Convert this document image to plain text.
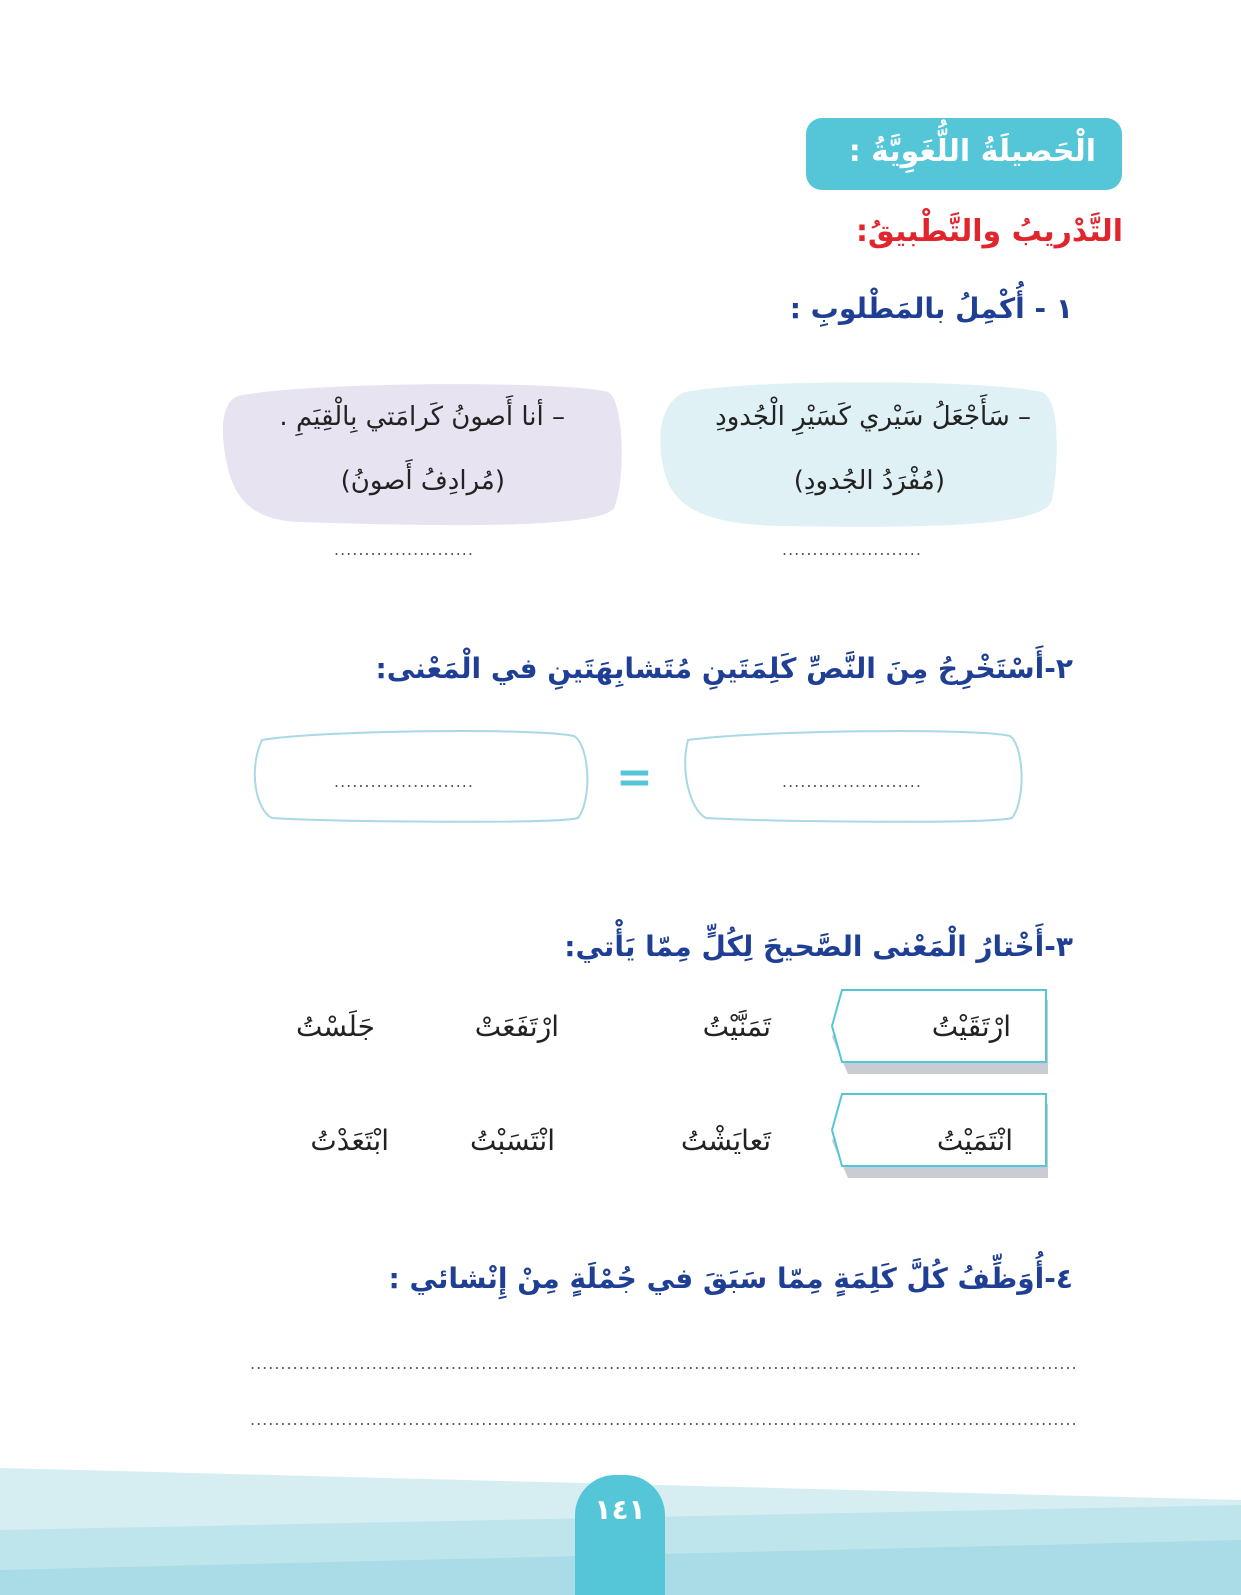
الْحَصيلَةُ اللُّغَوِيَّةُ :
التَّدْريبُ والتَّطْبيقُ:
١ - أُكْمِلُ بالمَطْلوبِ :
– سَأَجْعَلُ سَيْري كَسَيْرِ الْجُدودِ
(مُفْرَدُ الجُدودِ)
– أنا أَصونُ كَرامَتي بِالْقِيَمِ .
(مُرادِفُ أَصونُ)
.......................
.......................
٢-أَسْتَخْرِجُ مِنَ النَّصِّ كَلِمَتَينِ مُتَشابِهَتَينِ في الْمَعْنى:
.......................
.......................	=
٣-أَخْتارُ الْمَعْنى الصَّحيحَ لِكُلٍّ مِمّا يَأْتي:
ارْتَقَيْتُ
تَمَنَّيْتُ
ارْتَفَعَتْ
جَلَسْتُ
انْتَمَيْتُ
تَعايَشْتُ
انْتَسَبْتُ
ابْتَعَدْتُ
٤-أُوَظِّفُ كُلَّ كَلِمَةٍ مِمّا سَبَقَ في جُمْلَةٍ مِنْ إِنْشائي :
........................................................................................................................................
........................................................................................................................................
١٤١
